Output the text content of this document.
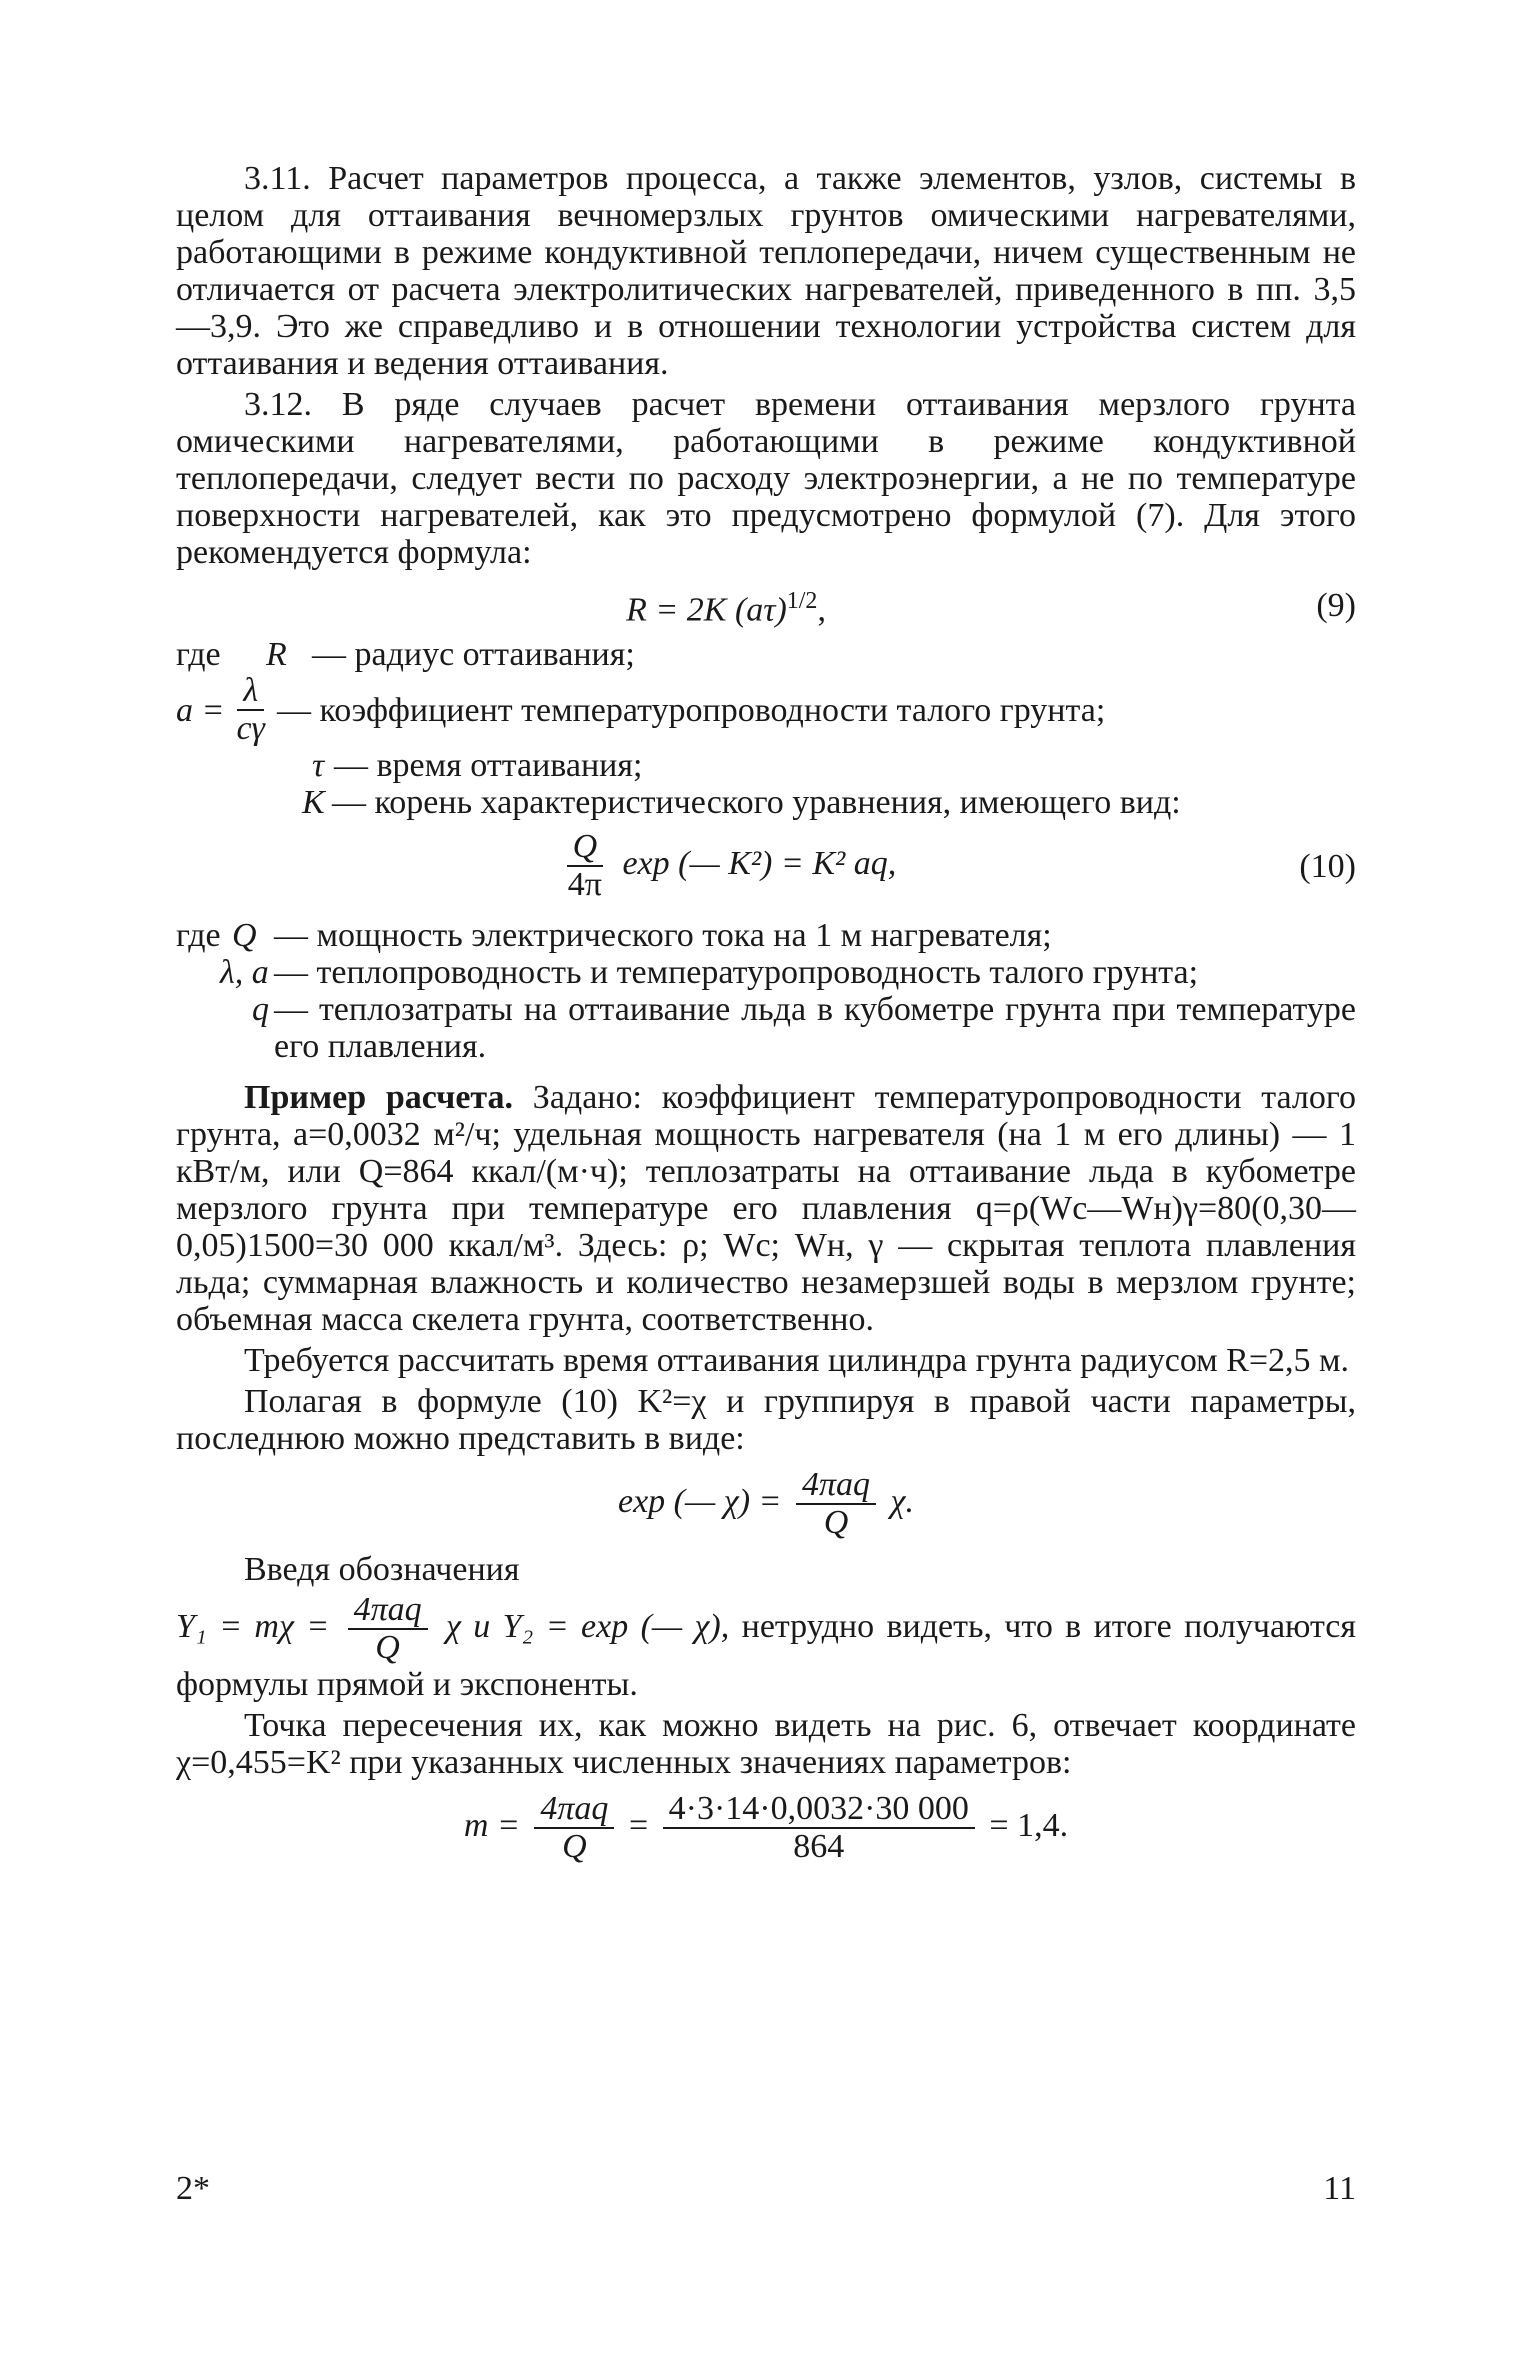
3.11. Расчет параметров процесса, а также элементов, узлов, системы в целом для оттаивания вечномерзлых грунтов омическими нагревателями, работающими в режиме кондуктивной теплопередачи, ничем существенным не отличается от расчета электролитических нагревателей, приведенного в пп. 3,5—3,9. Это же справедливо и в отношении технологии устройства систем для оттаивания и ведения оттаивания.

3.12. В ряде случаев расчет времени оттаивания мерзлого грунта омическими нагревателями, работающими в режиме кондуктивной теплопередачи, следует вести по расходу электроэнергии, а не по температуре поверхности нагревателей, как это предусмотрено формулой (7). Для этого рекомендуется формула:

R = 2K $(a\tau)^{1/2}$,	(9)
где	R — радиус оттаивания;
$a = \frac{\lambda}{c\gamma}$ — коэффициент температуропроводности талого грунта;
τ — время оттаивания;
K — корень характеристического уравнения, имеющего вид:
$\frac{Q}{4\pi}$ exp (— K²) = K² aq,	(10)
где Q — мощность электрического тока на 1 м нагревателя;
λ, a — теплопроводность и температуропроводность талого грунта;
q — теплозатраты на оттаивание льда в кубометре грунта при температуре его плавления.

Пример расчета. Задано: коэффициент температуропроводности талого грунта, a=0,0032 м²/ч; удельная мощность нагревателя (на 1 м его длины) — 1 кВт/м, или Q=864 ккал/(м·ч); теплозатраты на оттаивание льда в кубометре мерзлого грунта при температуре его плавления q=ρ(Wс—Wн)γ=80(0,30—0,05)1500=30 000 ккал/м³. Здесь: ρ; Wс; Wн, γ — скрытая теплота плавления льда; суммарная влажность и количество незамерзшей воды в мерзлом грунте; объемная масса скелета грунта, соответственно.

Требуется рассчитать время оттаивания цилиндра грунта радиусом R=2,5 м.

Полагая в формуле (10) K²=χ и группируя в правой части параметры, последнюю можно представить в виде:

exp (— $\chi) = \frac{\text{4πaq}}{Q} \chi$.

Введя обозначения

$Y_1 = m\chi = \frac{\text{4πaq}}{Q}$ χ и Y₂ = exp (— χ), нетрудно видеть, что в итоге получаются формулы прямой и экспоненты.

Точка пересечения их, как можно видеть на рис. 6, отвечает координате χ=0,455=K² при указанных численных значениях параметров:

$m = \frac{\text{4πaq}}{Q} = \frac{4\cdot 3\cdot 14\cdot 0,0032\cdot 30 000}{864} = 1,4$.
2*	11
